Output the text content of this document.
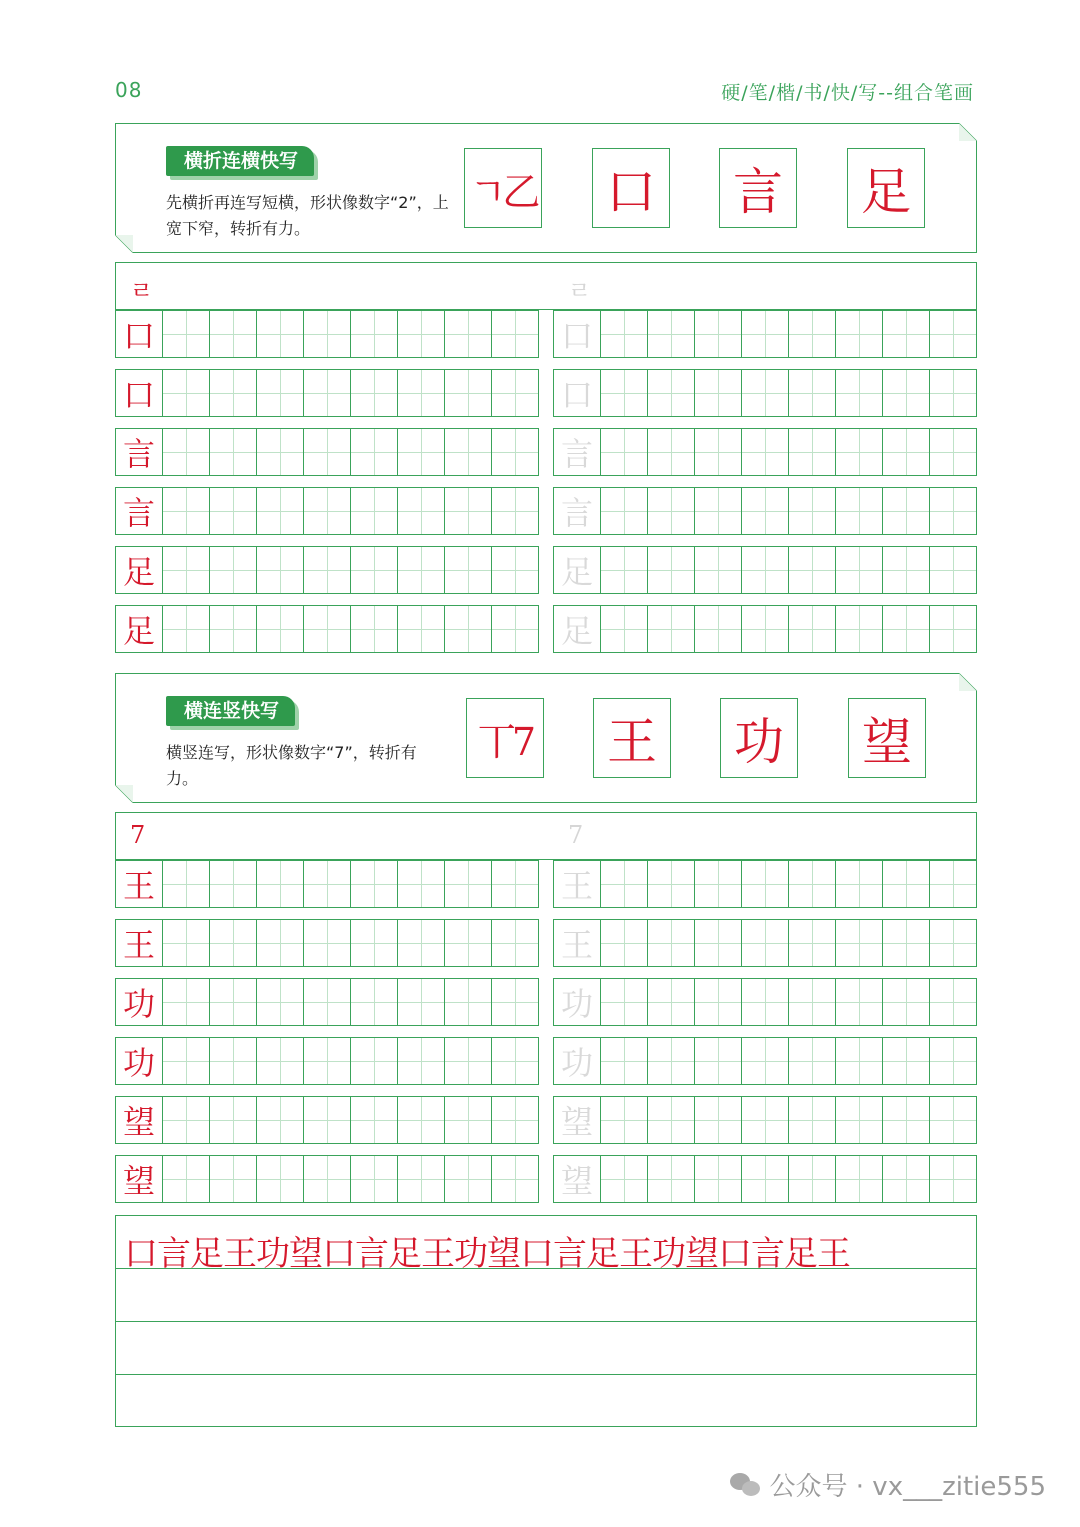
08	硬/笔/楷/书/快/写--组合笔画
横折连横快写
先横折再连写短横，形状像数字“2”，上宽下窄，转折有力。
ㄱ乙 口 言 足
ㄹ	ㄹ
口	口
口	口
言	言
言	言
足	足
足	足
横连竖快写
横竖连写，形状像数字“7”，转折有力。
丅7 王 功 望
7	7
王	王
王	王
功	功
功	功
望	望
望	望
口言足王功望口言足王功望口言足王功望口言足王
公众号 · vx___zitie555
